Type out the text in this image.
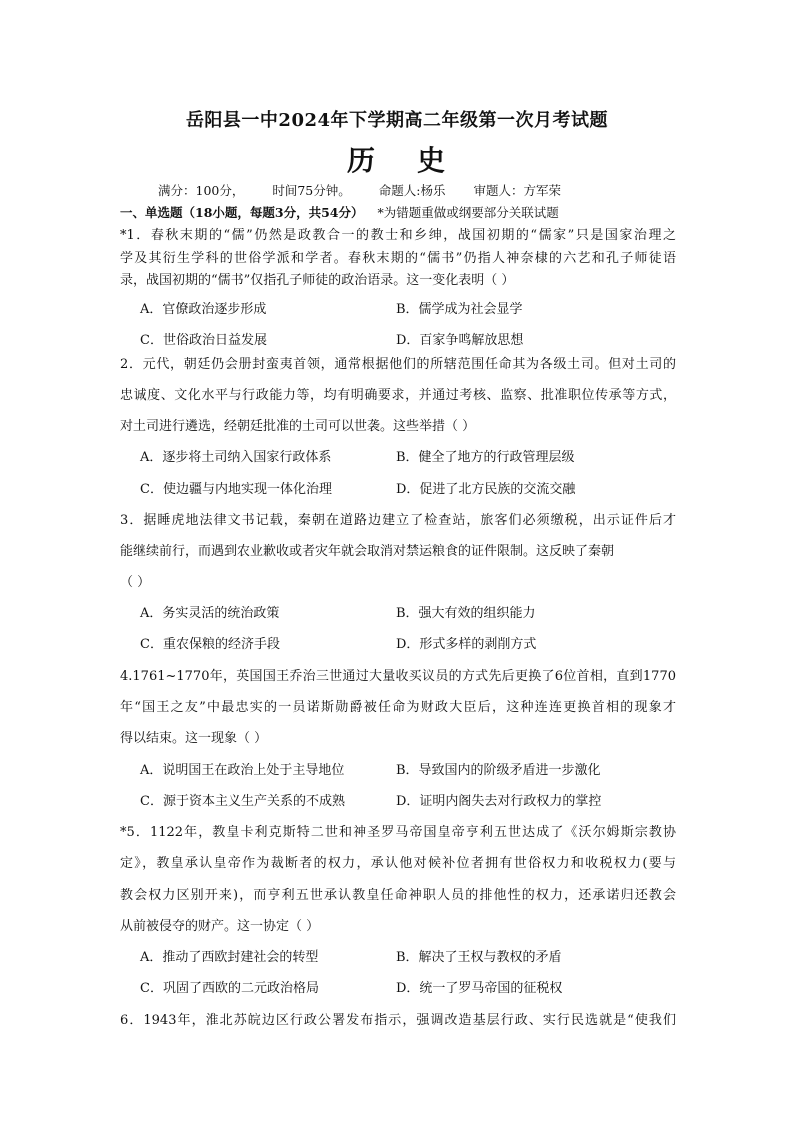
岳阳县一中2024年下学期高二年级第一次月考试题
历 史
满分：100分， 时间75分钟。 命题人:杨乐 审题人：方军荣
一、单选题（18小题，每题3分，共54分） *为错题重做或纲要部分关联试题
*1．春秋末期的“儒”仍然是政教合一的教士和乡绅，战国初期的“儒家”只是国家治理之
学及其衍生学科的世俗学派和学者。春秋末期的“儒书”仍指人神奈棣的六艺和孔子师徒语
录，战国初期的“儒书”仅指孔子师徒的政治语录。这一变化表明（ ）
A．官僚政治逐步形成	B．儒学成为社会显学
C．世俗政治日益发展	D．百家争鸣解放思想
2．元代，朝廷仍会册封蛮夷首领，通常根据他们的所辖范围任命其为各级土司。但对土司的
忠诚度、文化水平与行政能力等，均有明确要求，并通过考核、监察、批准职位传承等方式，
对土司进行遴选，经朝廷批准的土司可以世袭。这些举措（ ）
A．逐步将土司纳入国家行政体系	B．健全了地方的行政管理层级
C．使边疆与内地实现一体化治理	D．促进了北方民族的交流交融
3．据睡虎地法律文书记载，秦朝在道路边建立了检查站，旅客们必须缴税，出示证件后才
能继续前行，而遇到农业歉收或者灾年就会取消对禁运粮食的证件限制。这反映了秦朝
（ ）
A．务实灵活的统治政策	B．强大有效的组织能力
C．重农保粮的经济手段	D．形式多样的剥削方式
4.1761~1770年，英国国王乔治三世通过大量收买议员的方式先后更换了6位首相，直到1770
年“国王之友”中最忠实的一员诺斯勋爵被任命为财政大臣后，这种连连更换首相的现象才
得以结束。这一现象（ ）
A．说明国王在政治上处于主导地位	B．导致国内的阶级矛盾进一步激化
C．源于资本主义生产关系的不成熟	D．证明内阁失去对行政权力的掌控
*5．1122年，教皇卡利克斯特二世和神圣罗马帝国皇帝亨利五世达成了《沃尔姆斯宗教协
定》，教皇承认皇帝作为裁断者的权力，承认他对候补位者拥有世俗权力和收税权力(要与
教会权力区别开来)，而亨利五世承认教皇任命神职人员的排他性的权力，还承诺归还教会
从前被侵夺的财产。这一协定（ ）
A．推动了西欧封建社会的转型	B．解决了王权与教权的矛盾
C．巩固了西欧的二元政治格局	D．统一了罗马帝国的征税权
6．1943年，淮北苏皖边区行政公署发布指示，强调改造基层行政、实行民选就是“使我们
